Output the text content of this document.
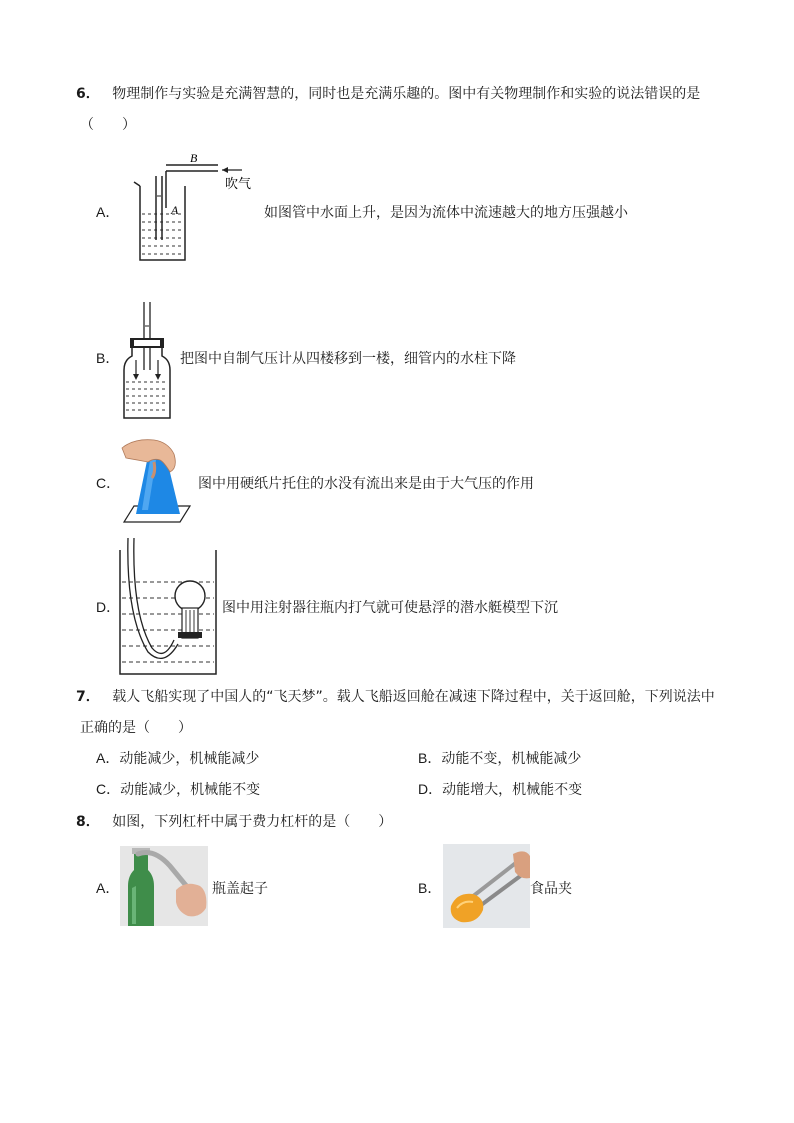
6． 物理制作与实验是充满智慧的，同时也是充满乐趣的。图中有关物理制作和实验的说法错误的是
（　　）
A．
B
A
吹气
如图管中水面上升，是因为流体中流速越大的地方压强越小
B．	把图中自制气压计从四楼移到一楼，细管内的水柱下降
C．	图中用硬纸片托住的水没有流出来是由于大气压的作用
D．	图中用注射器往瓶内打气就可使悬浮的潜水艇模型下沉
7． 载人飞船实现了中国人的“飞天梦”。载人飞船返回舱在减速下降过程中，关于返回舱，下列说法中
正确的是（　　）
A．动能减少，机械能减少	B．动能不变，机械能减少
C．动能减少，机械能不变	D．动能增大，机械能不变
8． 如图，下列杠杆中属于费力杠杆的是（　　）
A．	瓶盖起子	B．	食品夹
